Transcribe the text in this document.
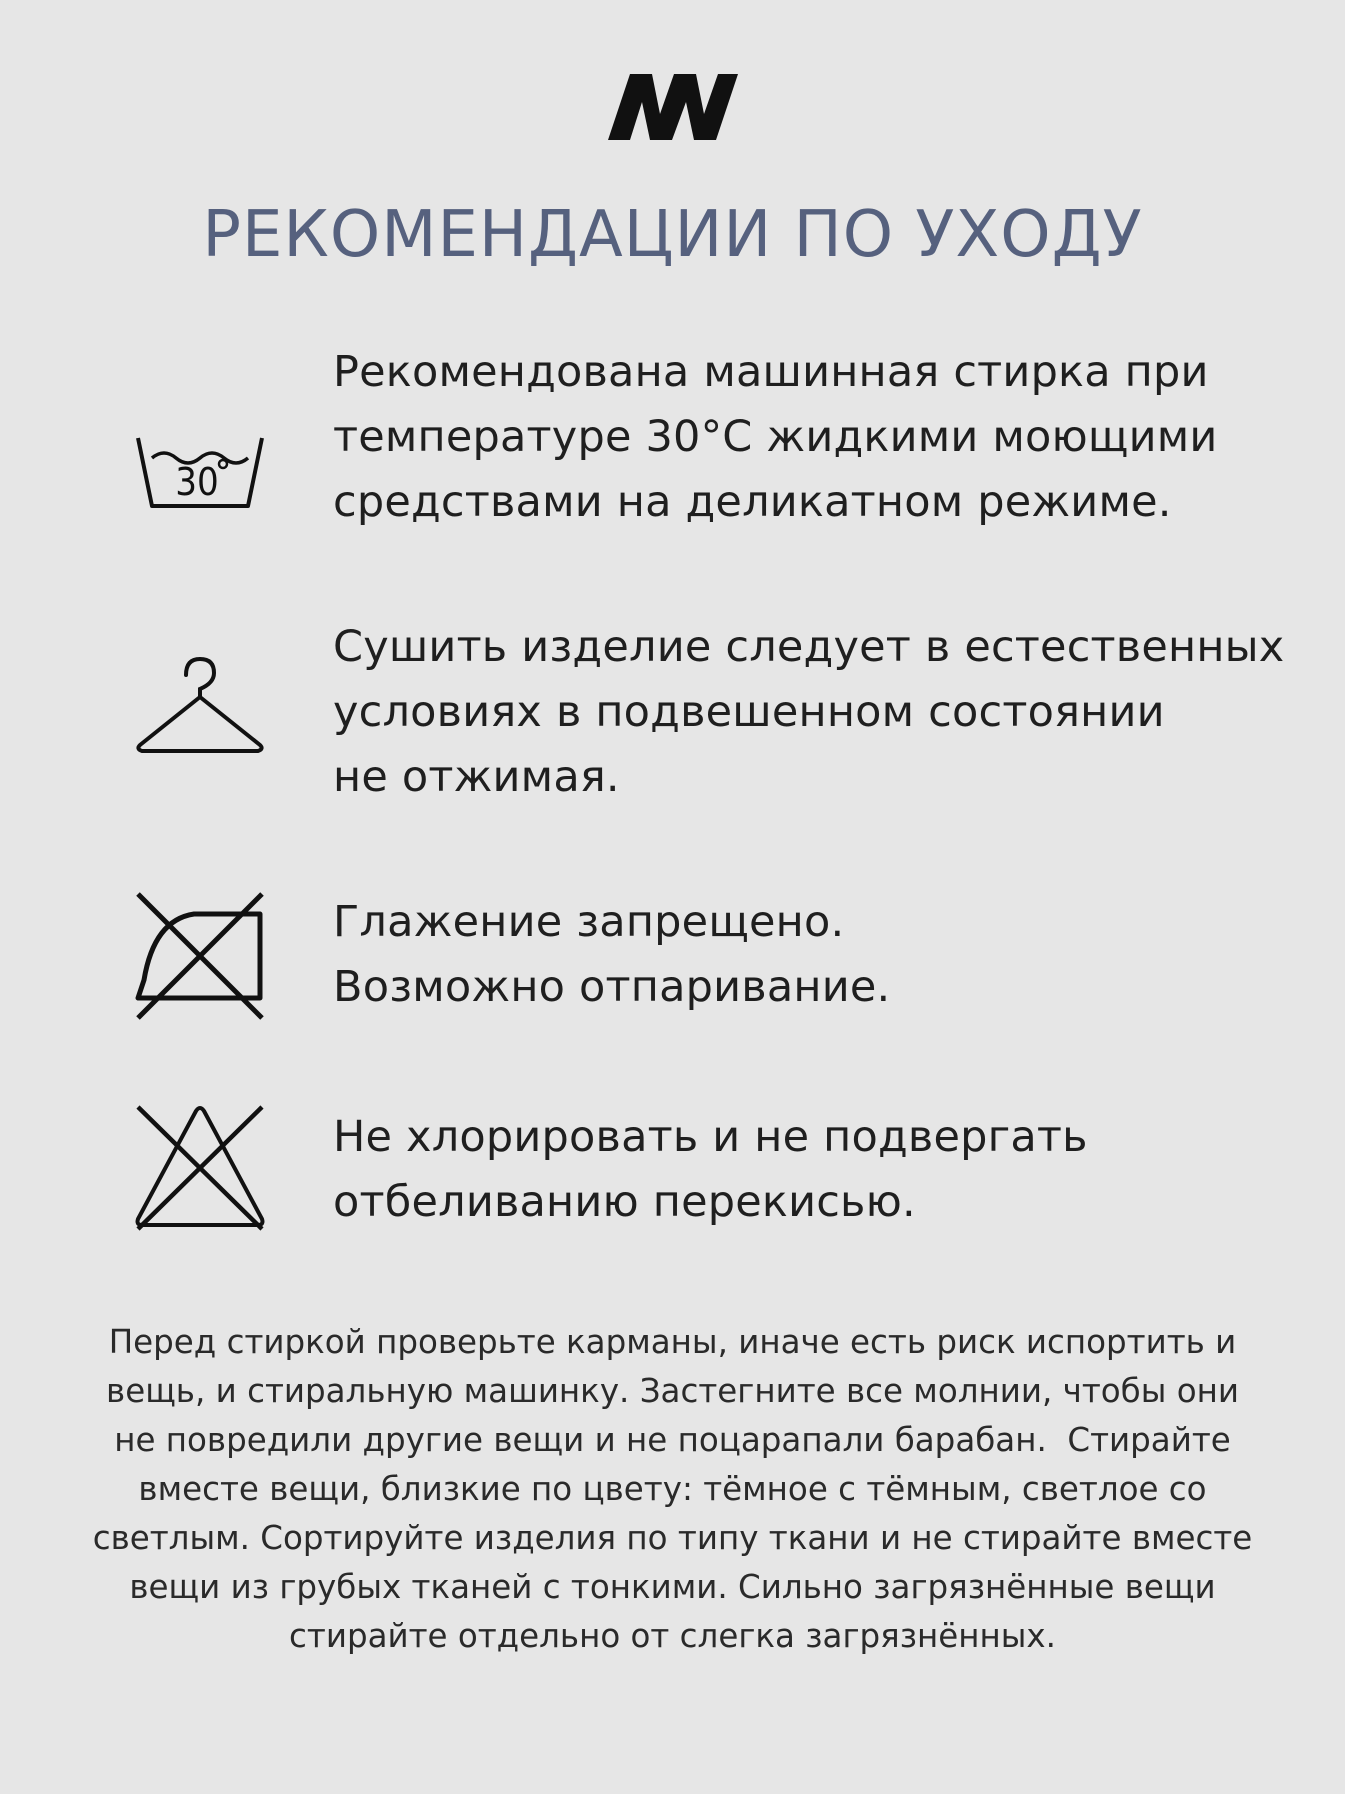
РЕКОМЕНДАЦИИ ПО УХОДУ
30

Рекомендована машинная стирка при
температуре 30°С жидкими моющими
средствами на деликатном режиме.

Сушить изделие следует в естественных
условиях в подвешенном состоянии
не отжимая.

Глажение запрещено.
Возможно отпаривание.

Не хлорировать и не подвергать
отбеливанию перекисью.

Перед стиркой проверьте карманы, иначе есть риск испортить и
вещь, и стиральную машинку. Застегните все молнии, чтобы они
не повредили другие вещи и не поцарапали барабан.  Стирайте
вместе вещи, близкие по цвету: тёмное с тёмным, светлое со
светлым. Сортируйте изделия по типу ткани и не стирайте вместе
вещи из грубых тканей с тонкими. Сильно загрязнённые вещи
стирайте отдельно от слегка загрязнённых.
